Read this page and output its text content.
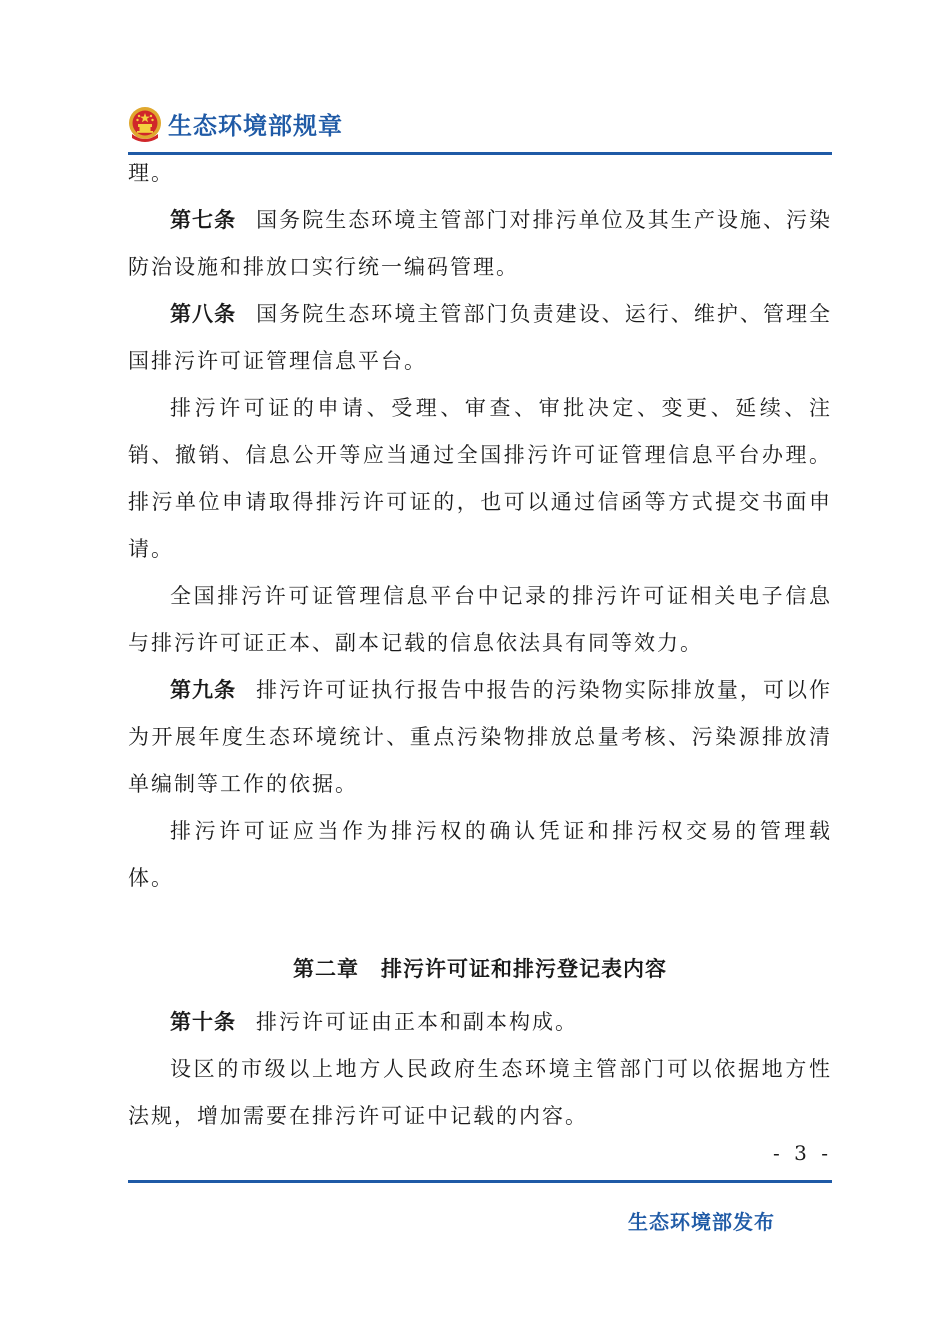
生态环境部规章

理。

第七条 国务院生态环境主管部门对排污单位及其生产设施、污染防治设施和排放口实行统一编码管理。

第八条 国务院生态环境主管部门负责建设、运行、维护、管理全国排污许可证管理信息平台。

排污许可证的申请、受理、审查、审批决定、变更、延续、注销、撤销、信息公开等应当通过全国排污许可证管理信息平台办理。排污单位申请取得排污许可证的，也可以通过信函等方式提交书面申请。

全国排污许可证管理信息平台中记录的排污许可证相关电子信息与排污许可证正本、副本记载的信息依法具有同等效力。

第九条 排污许可证执行报告中报告的污染物实际排放量，可以作为开展年度生态环境统计、重点污染物排放总量考核、污染源排放清单编制等工作的依据。

排污许可证应当作为排污权的确认凭证和排污权交易的管理载体。

第二章 排污许可证和排污登记表内容

第十条 排污许可证由正本和副本构成。

设区的市级以上地方人民政府生态环境主管部门可以依据地方性法规，增加需要在排污许可证中记载的内容。

- 3 -
生态环境部发布
